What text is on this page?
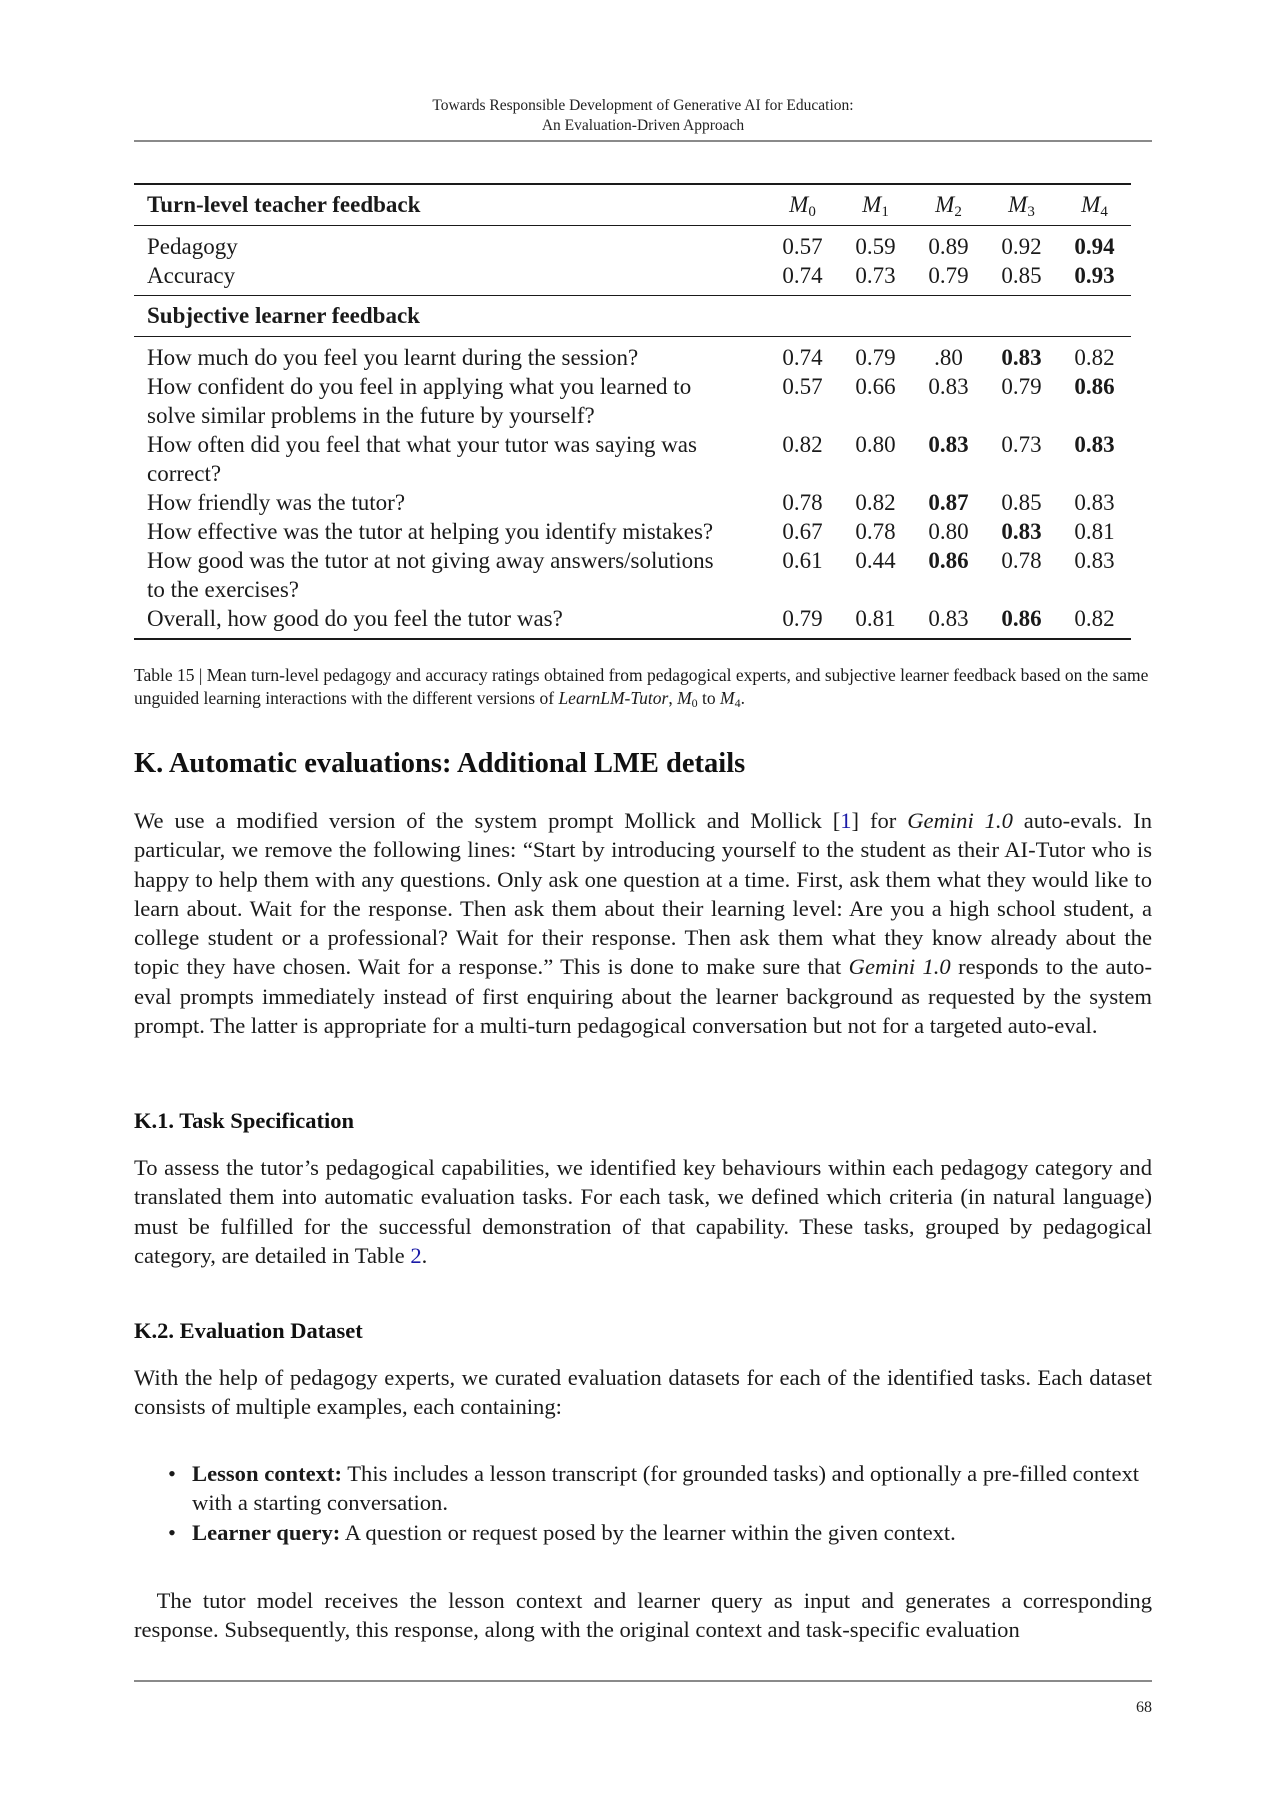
Towards Responsible Development of Generative AI for Education:
An Evaluation-Driven Approach
Turn-level teacher feedback	$M_0$	$M_1$	$M_2$	$M_3$	$M_4$

Pedagogy	0.57	0.59	0.89	0.92	0.94

Accuracy	0.74	0.73	0.79	0.85	0.93
Subjective learner feedback					

How much do you feel you learnt during the session?	0.74	0.79	.80	0.83	0.82

How confident do you feel in applying what you learned to
solve similar problems in the future by yourself?	0.57	0.66	0.83	0.79	0.86

How often did you feel that what your tutor was saying was
correct?	0.82	0.80	0.83	0.73	0.83

How friendly was the tutor?	0.78	0.82	0.87	0.85	0.83

How effective was the tutor at helping you identify mistakes?	0.67	0.78	0.80	0.83	0.81

How good was the tutor at not giving away answers/solutions
to the exercises?	0.61	0.44	0.86	0.78	0.83

Overall, how good do you feel the tutor was?	0.79	0.81	0.83	0.86	0.82
Table 15 | Mean turn-level pedagogy and accuracy ratings obtained from pedagogical experts, and subjective learner feedback based on the same unguided learning interactions with the different versions of LearnLM-Tutor, $M_0$ to $M_4$.
K. Automatic evaluations: Additional LME details

We use a modified version of the system prompt Mollick and Mollick [1] for Gemini 1.0 auto-evals. In particular, we remove the following lines: “Start by introducing yourself to the student as their AI-Tutor who is happy to help them with any questions. Only ask one question at a time. First, ask them what they would like to learn about. Wait for the response. Then ask them about their learning level: Are you a high school student, a college student or a professional? Wait for their response. Then ask them what they know already about the topic they have chosen. Wait for a response.” This is done to make sure that Gemini 1.0 responds to the auto-eval prompts immediately instead of first enquiring about the learner background as requested by the system prompt. The latter is appropriate for a multi-turn pedagogical conversation but not for a targeted auto-eval.

K.1. Task Specification

To assess the tutor’s pedagogical capabilities, we identified key behaviours within each pedagogy category and translated them into automatic evaluation tasks. For each task, we defined which criteria (in natural language) must be fulfilled for the successful demonstration of that capability. These tasks, grouped by pedagogical category, are detailed in Table 2.

K.2. Evaluation Dataset

With the help of pedagogy experts, we curated evaluation datasets for each of the identified tasks. Each dataset consists of multiple examples, each containing:

• Lesson context: This includes a lesson transcript (for grounded tasks) and optionally a pre-filled context with a starting conversation.
• Learner query: A question or request posed by the learner within the given context.

 The tutor model receives the lesson context and learner query as input and generates a corresponding response. Subsequently, this response, along with the original context and task-specific evaluation

68
